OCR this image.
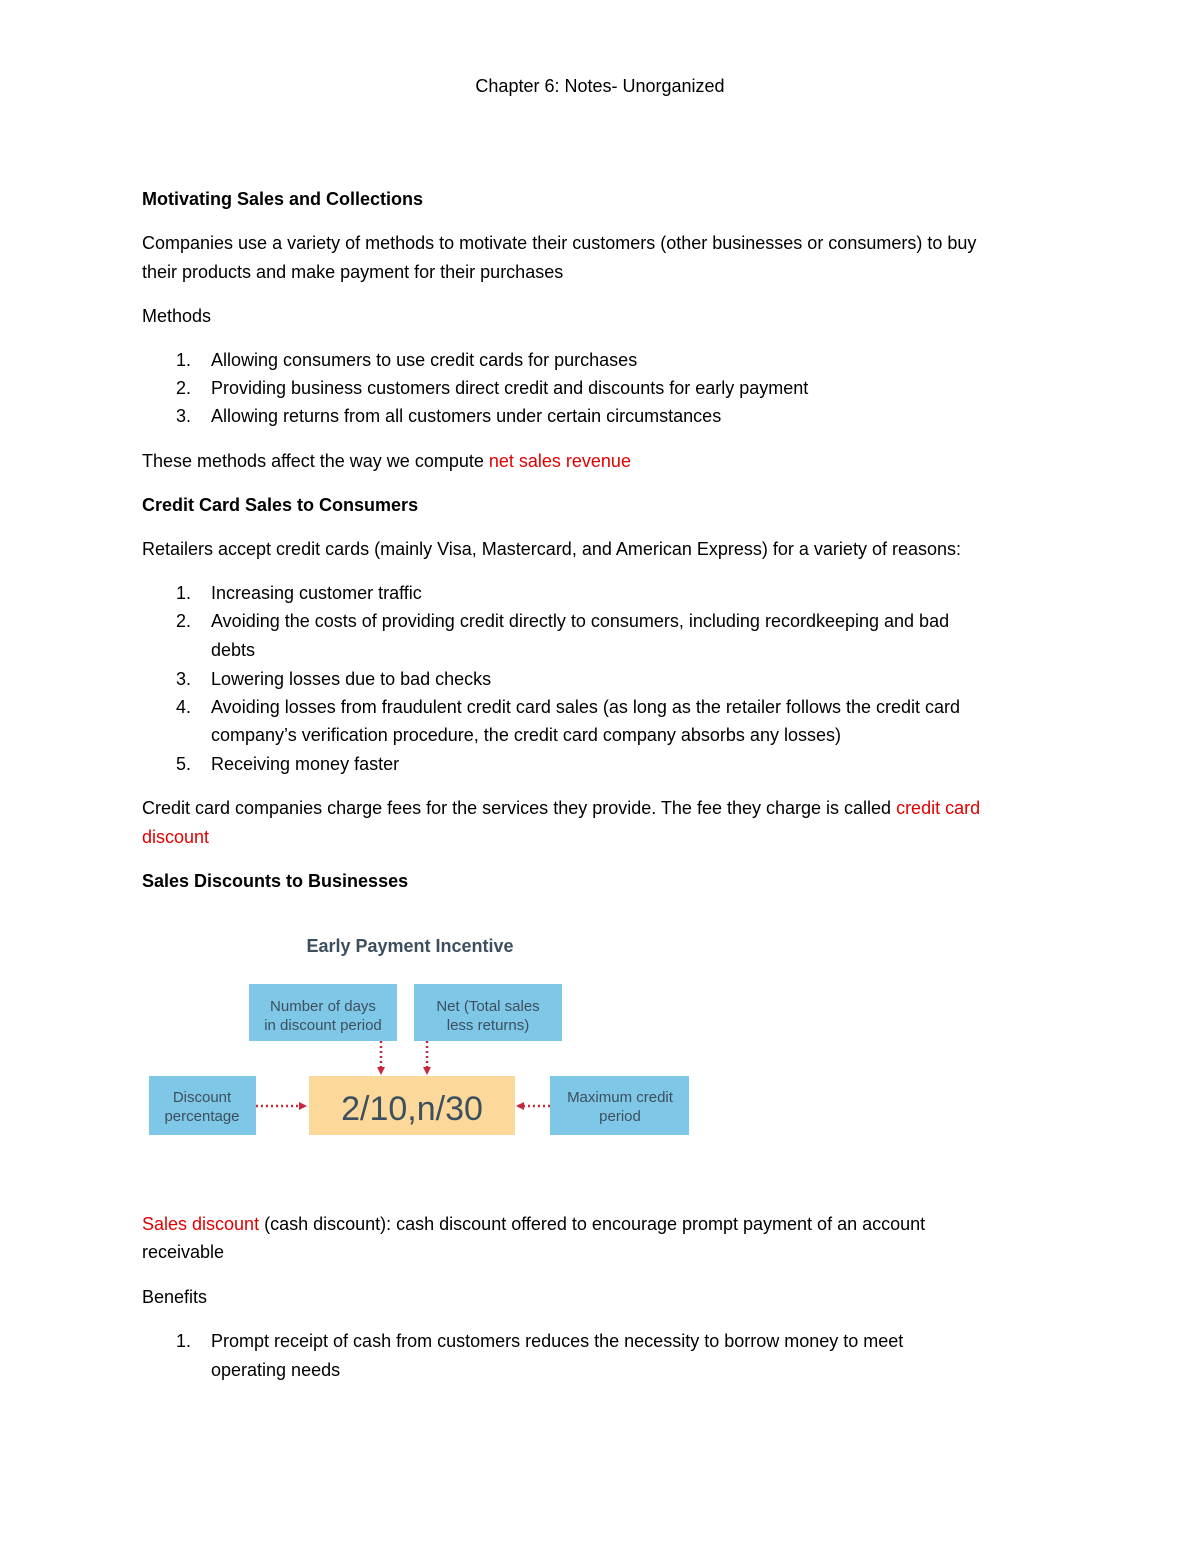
Chapter 6: Notes- Unorganized

Motivating Sales and Collections

Companies use a variety of methods to motivate their customers (other businesses or consumers) to buy

their products and make payment for their purchases

Methods

1. Allowing consumers to use credit cards for purchases

2. Providing business customers direct credit and discounts for early payment

3. Allowing returns from all customers under certain circumstances

These methods affect the way we compute net sales revenue

Credit Card Sales to Consumers

Retailers accept credit cards (mainly Visa, Mastercard, and American Express) for a variety of reasons:

1. Increasing customer traffic

2. Avoiding the costs of providing credit directly to consumers, including recordkeeping and bad

debts

3. Lowering losses due to bad checks

4. Avoiding losses from fraudulent credit card sales (as long as the retailer follows the credit card

company’s verification procedure, the credit card company absorbs any losses)

5. Receiving money faster

Credit card companies charge fees for the services they provide. The fee they charge is called credit card

discount

Sales Discounts to Businesses

Early Payment Incentive
Number of days
in discount period
Net (Total sales
less returns)
2/10,n/30
Discount
percentage
Maximum credit
period

Sales discount (cash discount): cash discount offered to encourage prompt payment of an account

receivable

Benefits

1. Prompt receipt of cash from customers reduces the necessity to borrow money to meet

operating needs
